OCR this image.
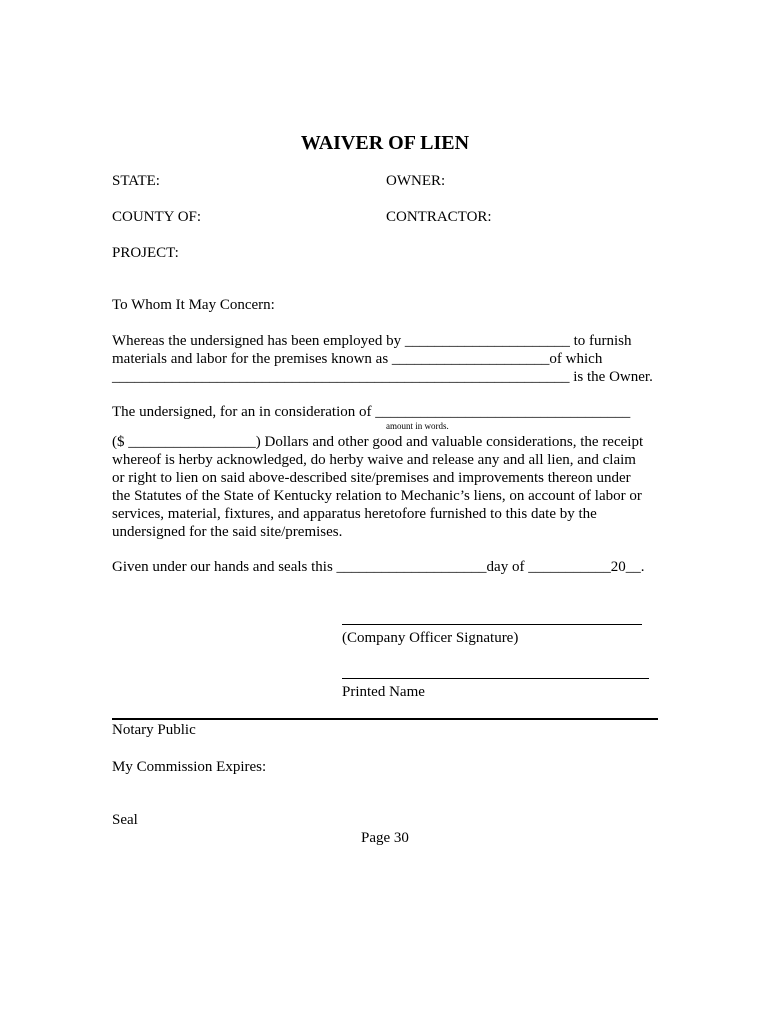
WAIVER OF LIEN
STATE:	OWNER:
COUNTY OF:	CONTRACTOR:
PROJECT:
To Whom It May Concern:
Whereas the undersigned has been employed by ______________________ to furnish
materials and labor for the premises known as _____________________of which
_____________________________________________________________ is the Owner.
The undersigned, for an in consideration of __________________________________
amount in words.
($ _________________) Dollars and other good and valuable considerations, the receipt
whereof is herby acknowledged, do herby waive and release any and all lien, and claim
or right to lien on said above-described site/premises and improvements thereon under
the Statutes of the State of Kentucky relation to Mechanic’s liens, on account of labor or
services, material, fixtures, and apparatus heretofore furnished to this date by the
undersigned for the said site/premises.
Given under our hands and seals this ____________________day of ___________20__.
(Company Officer Signature)
Printed Name
Notary Public
My Commission Expires:
Seal
Page 30
